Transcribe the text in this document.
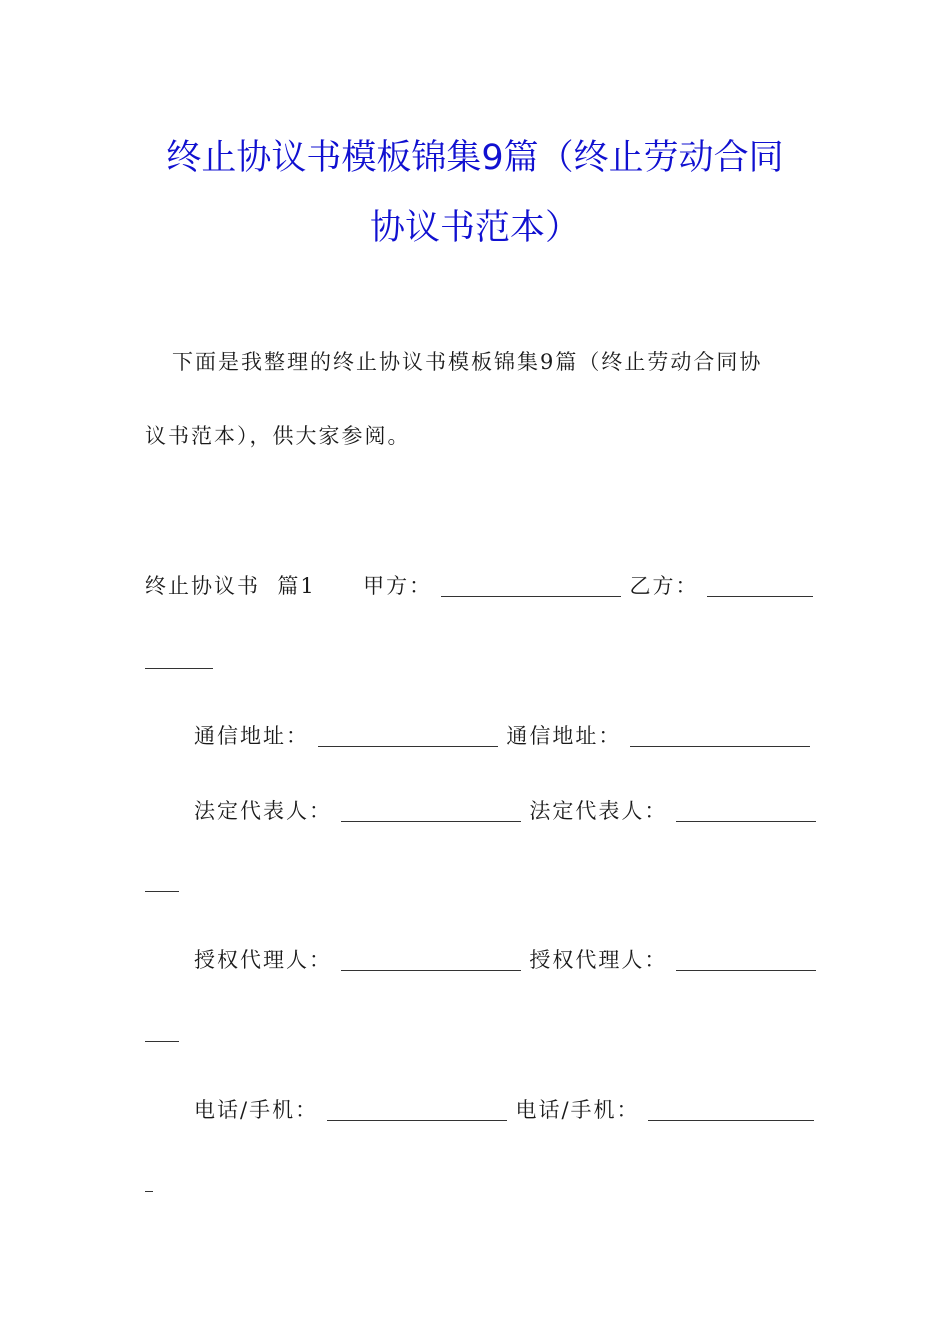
终止协议书模板锦集9篇（终止劳动合同
协议书范本）
下面是我整理的终止协议书模板锦集9篇（终止劳动合同协
议书范本），供大家参阅。
终止协议书  篇1 甲方：	乙方：
通信地址：	通信地址：
法定代表人：	法定代表人：
授权代理人：	授权代理人：
电话/手机：	电话/手机：
